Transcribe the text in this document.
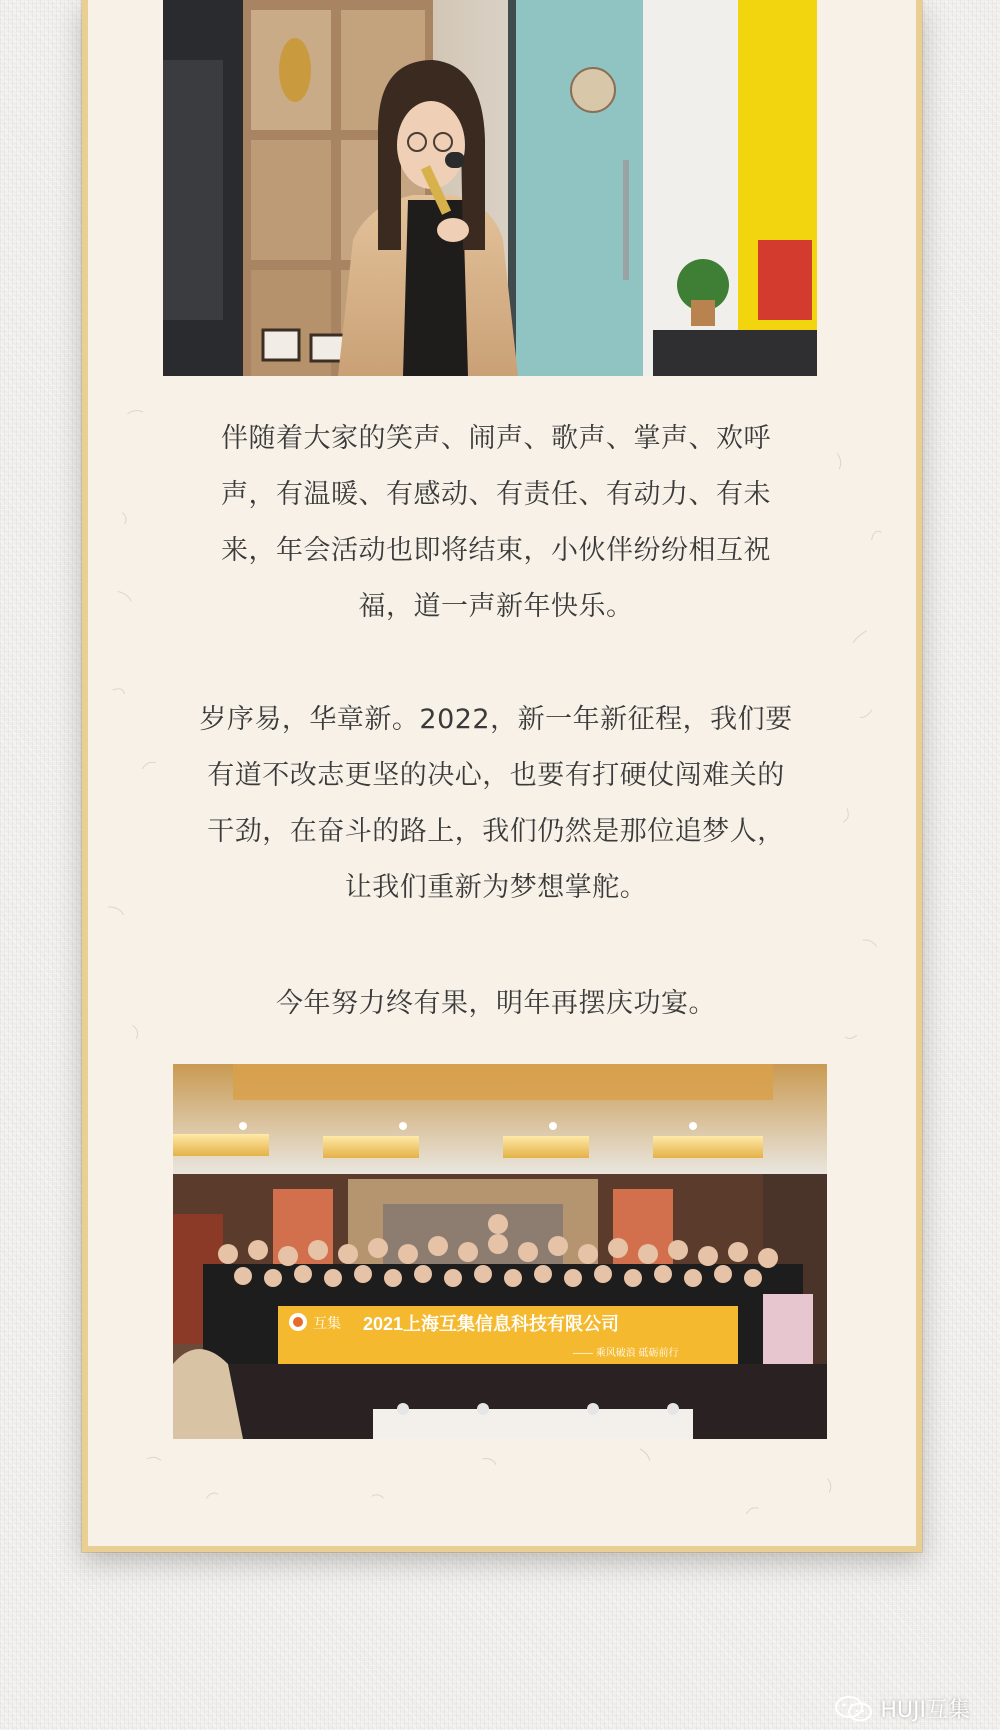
伴随着大家的笑声、闹声、歌声、掌声、欢呼
声，有温暖、有感动、有责任、有动力、有未
来，年会活动也即将结束，小伙伴纷纷相互祝
福，道一声新年快乐。
岁序易，华章新。2022，新一年新征程，我们要
有道不改志更坚的决心，也要有打硬仗闯难关的
干劲，在奋斗的路上，我们仍然是那位追梦人，
让我们重新为梦想掌舵。
今年努力终有果，明年再摆庆功宴。
互集 2021上海互集信息科技有限公司
—— 乘风破浪 砥砺前行
HUJI互集
